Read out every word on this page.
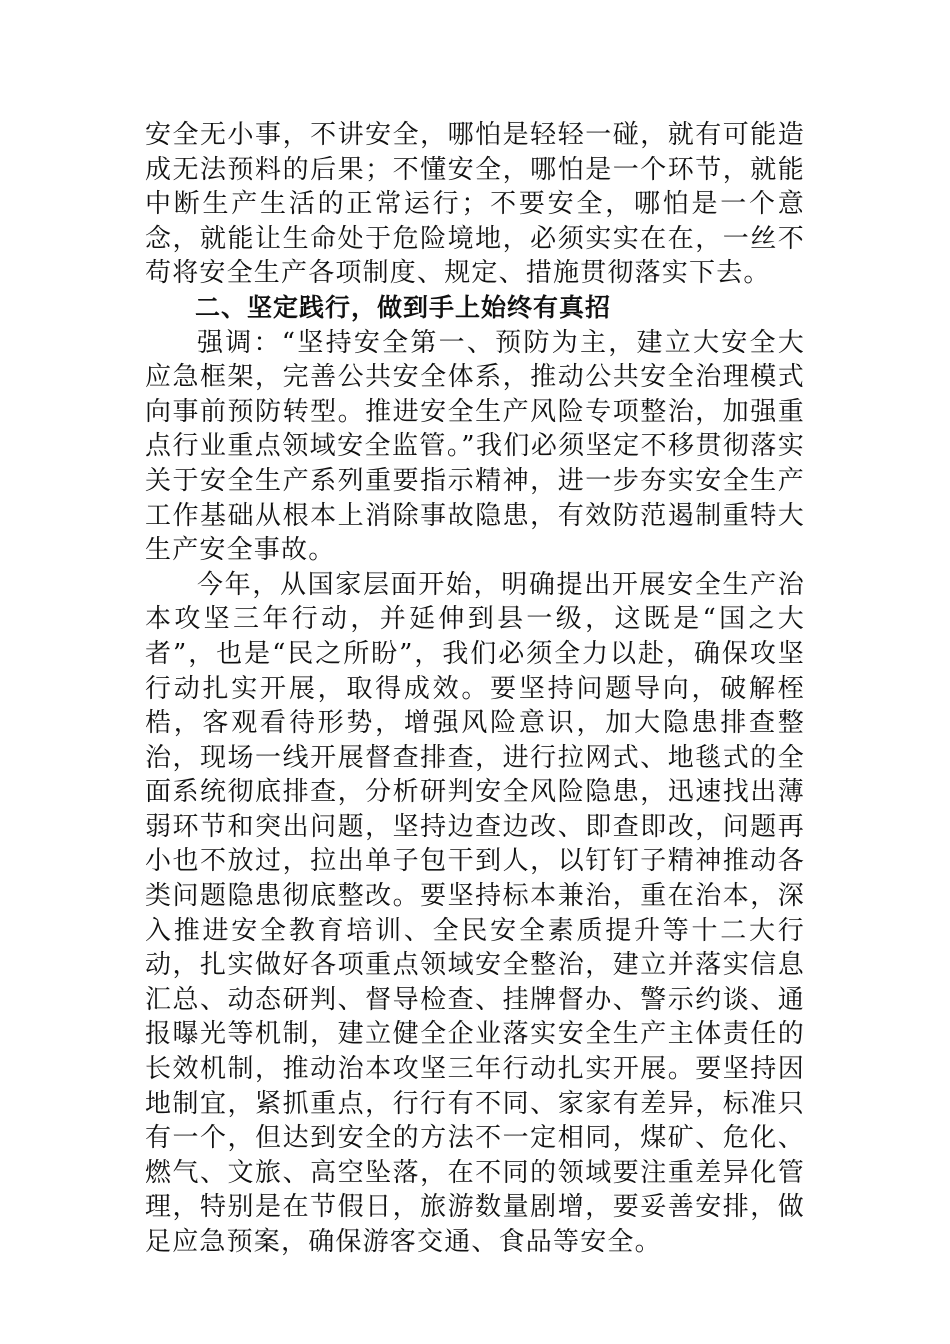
安全无小事，不讲安全，哪怕是轻轻一碰，就有可能造成无法预料的后果；不懂安全，哪怕是一个环节，就能中断生产生活的正常运行；不要安全，哪怕是一个意念，就能让生命处于危险境地，必须实实在在，一丝不苟将安全生产各项制度、规定、措施贯彻落实下去。

二、坚定践行，做到手上始终有真招

强调：“坚持安全第一、预防为主，建立大安全大应急框架，完善公共安全体系，推动公共安全治理模式向事前预防转型。推进安全生产风险专项整治，加强重点行业重点领域安全监管。”我们必须坚定不移贯彻落实关于安全生产系列重要指示精神，进一步夯实安全生产工作基础从根本上消除事故隐患，有效防范遏制重特大生产安全事故。

今年，从国家层面开始，明确提出开展安全生产治本攻坚三年行动，并延伸到县一级，这既是“国之大者”，也是“民之所盼”，我们必须全力以赴，确保攻坚行动扎实开展，取得成效。要坚持问题导向，破解桎梏，客观看待形势，增强风险意识，加大隐患排查整治，现场一线开展督查排查，进行拉网式、地毯式的全面系统彻底排查，分析研判安全风险隐患，迅速找出薄弱环节和突出问题，坚持边查边改、即查即改，问题再小也不放过，拉出单子包干到人，以钉钉子精神推动各类问题隐患彻底整改。要坚持标本兼治，重在治本，深入推进安全教育培训、全民安全素质提升等十二大行动，扎实做好各项重点领域安全整治，建立并落实信息汇总、动态研判、督导检查、挂牌督办、警示约谈、通报曝光等机制，建立健全企业落实安全生产主体责任的长效机制，推动治本攻坚三年行动扎实开展。要坚持因地制宜，紧抓重点，行行有不同、家家有差异，标准只有一个，但达到安全的方法不一定相同，煤矿、危化、燃气、文旅、高空坠落，在不同的领域要注重差异化管理，特别是在节假日，旅游数量剧增，要妥善安排，做足应急预案，确保游客交通、食品等安全。
